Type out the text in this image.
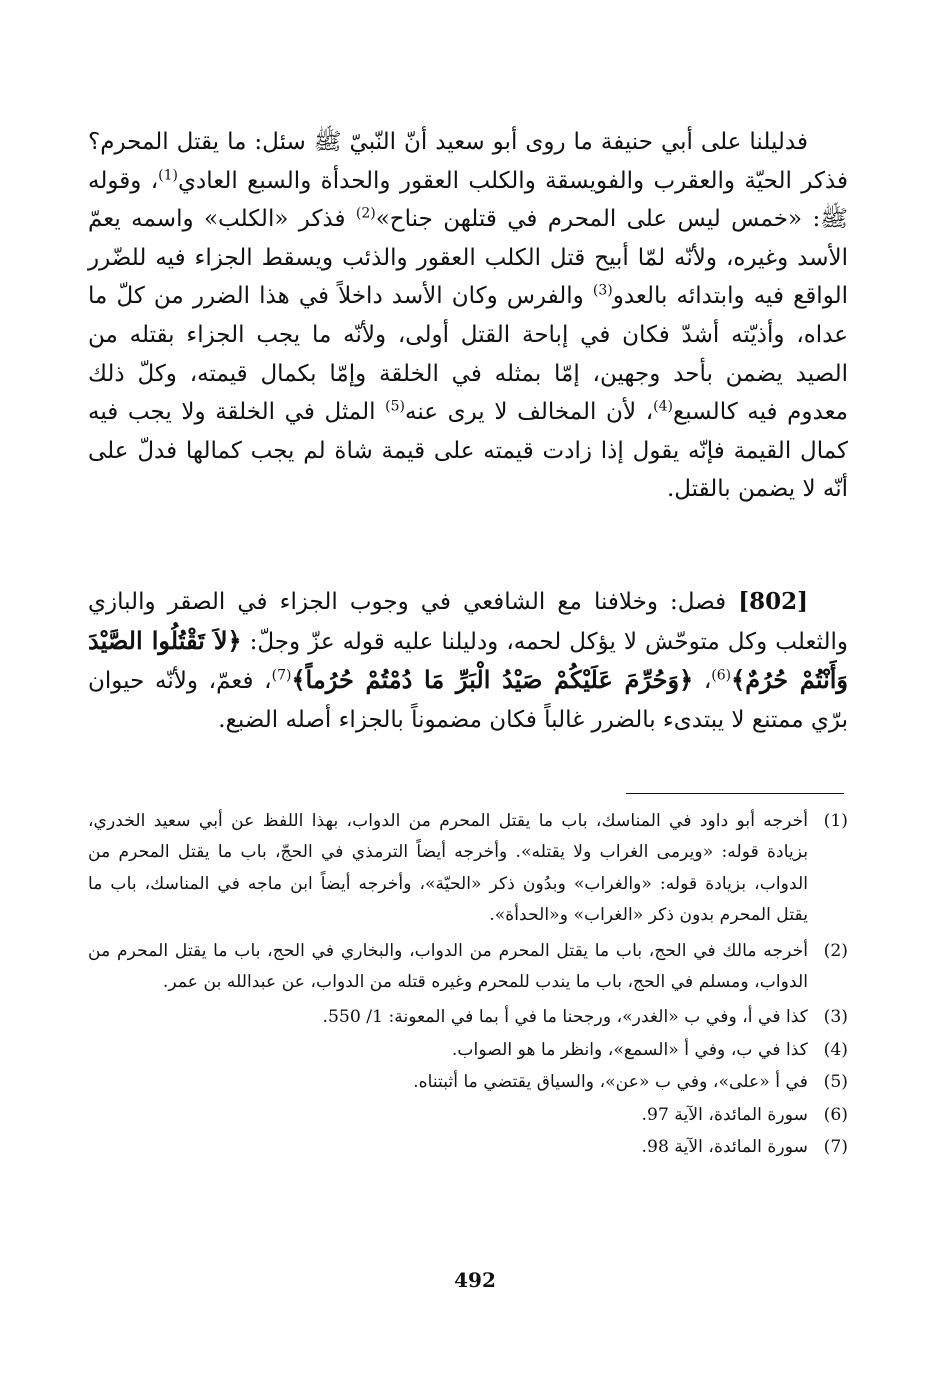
فدليلنا على أبي حنيفة ما روى أبو سعيد أنّ النّبيّ ﷺ سئل: ما يقتل المحرم؟ فذكر الحيّة والعقرب والفويسقة والكلب العقور والحدأة والسبع العادي$^{(1)}$، وقوله ﷺ: «خمس ليس على المحرم في قتلهن جناح»$^{(2)}$ فذكر «الكلب» واسمه يعمّ الأسد وغيره، ولأنّه لمّا أبيح قتل الكلب العقور والذئب ويسقط الجزاء فيه للضّرر الواقع فيه وابتدائه بالعدو$^{(3)}$ والفرس وكان الأسد داخلاً في هذا الضرر من كلّ ما عداه، وأذيّته أشدّ فكان في إباحة القتل أولى، ولأنّه ما يجب الجزاء بقتله من الصيد يضمن بأحد وجهين، إمّا بمثله في الخلقة وإمّا بكمال قيمته، وكلّ ذلك معدوم فيه كالسبع$^{(4)}$، لأن المخالف لا يرى عنه$^{(5)}$ المثل في الخلقة ولا يجب فيه كمال القيمة فإنّه يقول إذا زادت قيمته على قيمة شاة لم يجب كمالها فدلّ على أنّه لا يضمن بالقتل.

[802] فصل: وخلافنا مع الشافعي في وجوب الجزاء في الصقر والبازي والثعلب وكل متوحّش لا يؤكل لحمه، ودليلنا عليه قوله عزّ وجلّ: ﴿لاَ تَقْتُلُوا الصَّيْدَ وَأَنْتُمْ حُرُمٌ﴾$^{(6)}$، ﴿وَحُرِّمَ عَلَيْكُمْ صَيْدُ الْبَرِّ مَا دُمْتُمْ حُرُماً﴾$^{(7)}$، فعمّ، ولأنّه حيوان برّي ممتنع لا يبتدىء بالضرر غالباً فكان مضموناً بالجزاء أصله الضبع.

(1)
أخرجه أبو داود في المناسك، باب ما يقتل المحرم من الدواب، بهذا اللفظ عن أبي سعيد الخدري، بزيادة قوله: «ويرمى الغراب ولا يقتله». وأخرجه أيضاً الترمذي في الحجّ، باب ما يقتل المحرم من الدواب، بزيادة قوله: «والغراب» وبدُون ذكر «الحيّة»، وأخرجه أيضاً ابن ماجه في المناسك، باب ما يقتل المحرم بدون ذكر «الغراب» و«الحدأة».
(2)
أخرجه مالك في الحج، باب ما يقتل المحرم من الدواب، والبخاري في الحج، باب ما يقتل المحرم من الدواب، ومسلم في الحج، باب ما يندب للمحرم وغيره قتله من الدواب، عن عبدالله بن عمر.
(3)
كذا في أ، وفي ب «الغدر»، ورجحنا ما في أ بما في المعونة: 1/ 550.
(4)
كذا في ب، وفي أ «السمع»، وانظر ما هو الصواب.
(5)
في أ «على»، وفي ب «عن»، والسياق يقتضي ما أثبتناه.
(6)
سورة المائدة، الآية 97.
(7)
سورة المائدة، الآية 98.
492
